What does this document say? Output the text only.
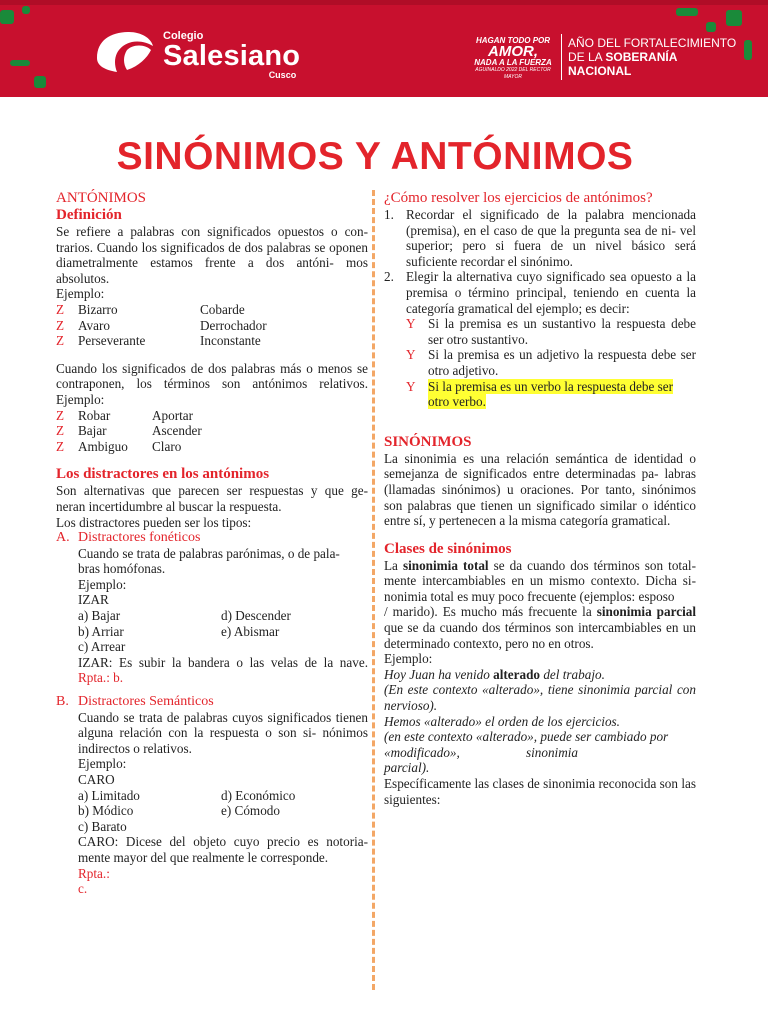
Colegio
Salesiano
Cusco
HAGAN TODO POR
AMOR,
NADA A LA FUERZA
AGUINALDO 2022 DEL RECTOR MAYOR
AÑO DEL FORTALECIMIENTO
DE LA SOBERANÍA
NACIONAL
SINÓNIMOS Y ANTÓNIMOS
ANTÓNIMOS
Definición
Se refiere a palabras con significados opuestos o con- trarios. Cuando los significados de dos palabras se oponen diametralmente estamos frente a dos antóni- mos absolutos.
Ejemplo:
Z	Bizarro	Cobarde
Z	Avaro	Derrochador
Z	Perseverante	Inconstante
Cuando los significados de dos palabras más o menos se contraponen, los términos son antónimos relativos. Ejemplo:
Z	Robar	Aportar
Z	Bajar	Ascender
Z	Ambiguo	Claro
Los distractores en los antónimos
Son alternativas que parecen ser respuestas y que ge- neran incertidumbre al buscar la respuesta.
Los distractores pueden ser los tipos:
A. Distractores fonéticos
Cuando se trata de palabras parónimas, o de pala-
bras homófonas.
Ejemplo:
IZAR
a) Bajar	d) Descender
b) Arriar	e) Abismar
c) Arrear
IZAR: Es subir la bandera o las velas de la nave. Rpta.: b.
B. Distractores Semánticos
Cuando se trata de palabras cuyos significados tienen alguna relación con la respuesta o son si- nónimos indirectos o relativos.
Ejemplo:
CARO
a) Limitado	d) Económico
b) Módico	e) Cómodo
c) Barato
CARO: Dicese del objeto cuyo precio es notoria- mente mayor del que realmente le corresponde.
Rpta.:
c.
¿Cómo resolver los ejercicios de antónimos?
1. Recordar el significado de la palabra mencionada (premisa), en el caso de que la pregunta sea de ni- vel superior; pero si fuera de un nivel básico será suficiente recordar el sinónimo.
2. Elegir la alternativa cuyo significado sea opuesto a la premisa o término principal, teniendo en cuenta la categoría gramatical del ejemplo; es decir:
Y Si la premisa es un sustantivo la respuesta debe ser otro sustantivo.
Y Si la premisa es un adjetivo la respuesta debe ser otro adjetivo.
Y Si la premisa es un verbo la respuesta debe ser otro verbo.
SINÓNIMOS
La sinonimia es una relación semántica de identidad o semejanza de significados entre determinadas pa- labras (llamadas sinónimos) u oraciones. Por tanto, sinónimos son palabras que tienen un significado similar o idéntico entre sí, y pertenecen a la misma categoría gramatical.
Clases de sinónimos
La sinonimia total se da cuando dos términos son total- mente intercambiables en un mismo contexto. Dicha si- nonimia total es muy poco frecuente (ejemplos: esposo
/ marido). Es mucho más frecuente la sinonimia parcial que se da cuando dos términos son intercambiables en un determinado contexto, pero no en otros.
Ejemplo:
Hoy Juan ha venido alterado del trabajo.
(En este contexto «alterado», tiene sinonimia parcial con nervioso).
Hemos «alterado» el orden de los ejercicios.
(en este contexto «alterado», puede ser cambiado por
«modificado»,	sinonimia
parcial).
Específicamente las clases de sinonimia reconocida son las siguientes:
